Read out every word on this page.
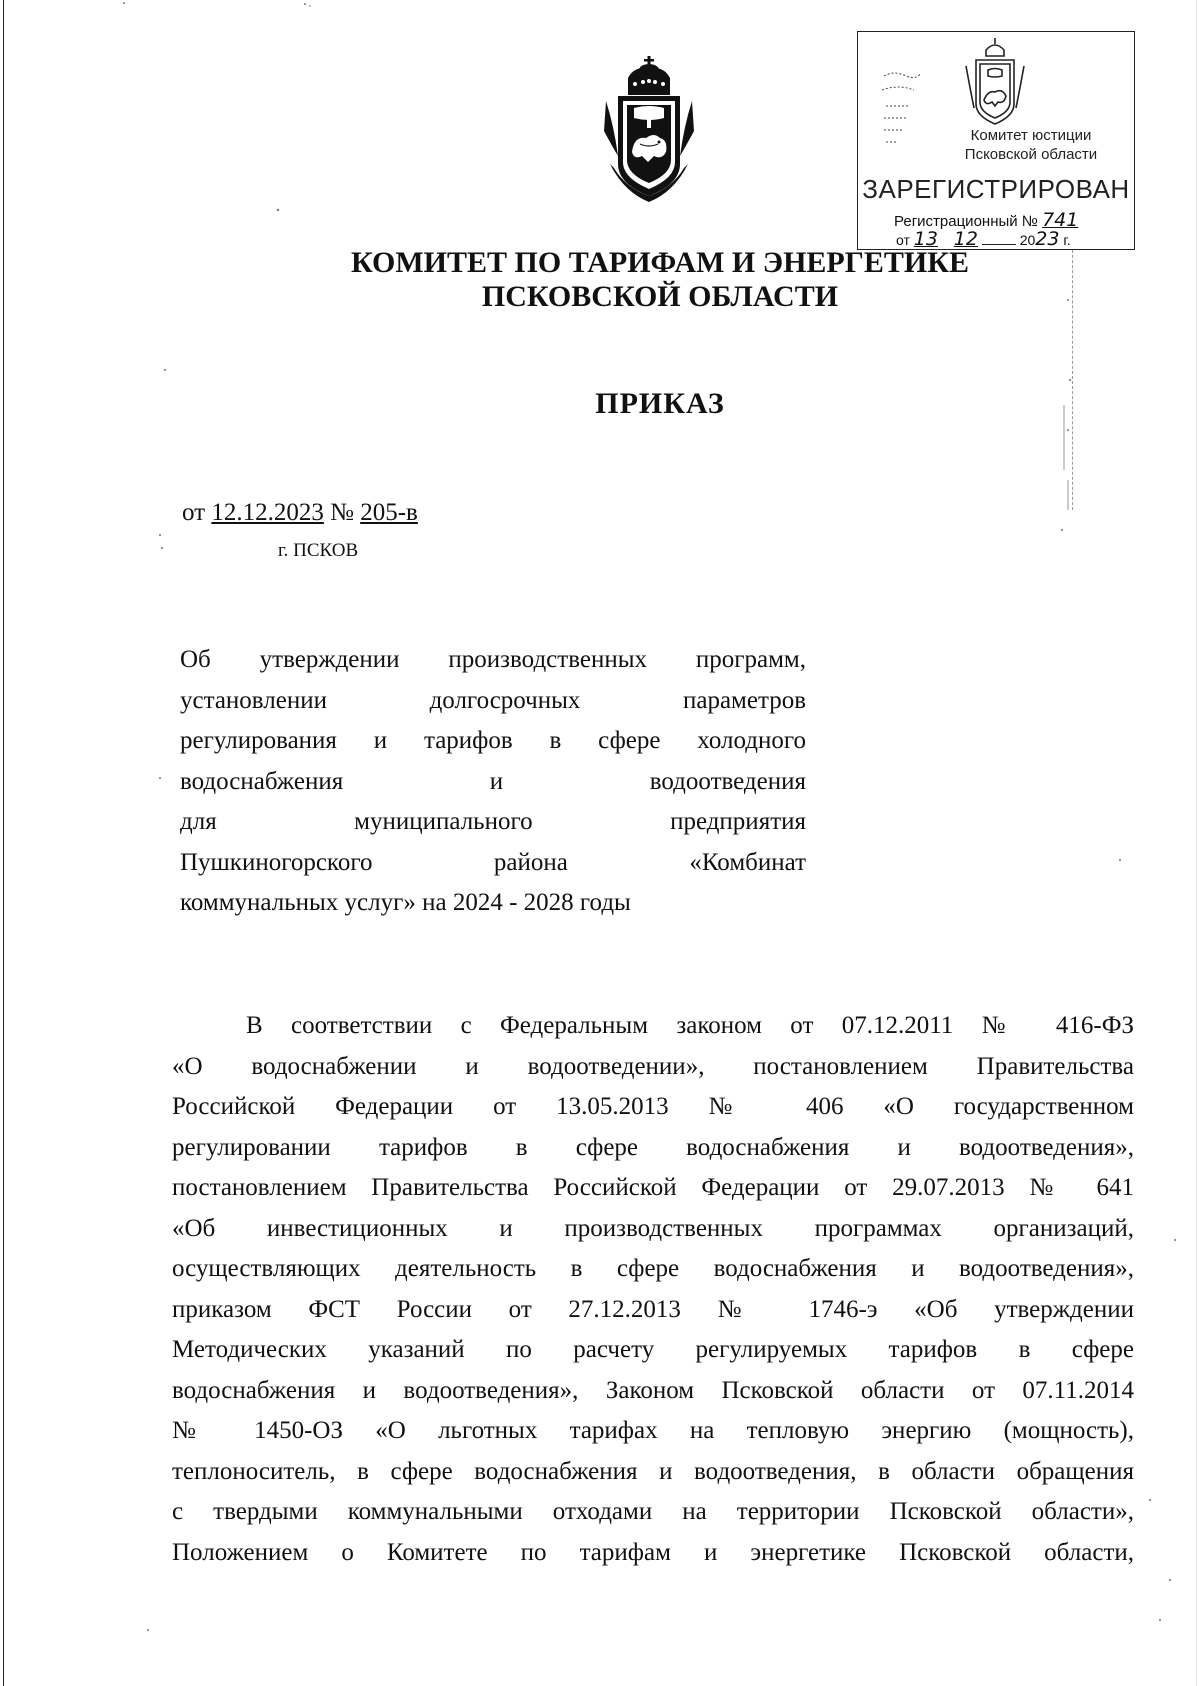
Комитет юстиции
Псковской области
ЗАРЕГИСТРИРОВАН
Регистрационный № 741
от 13 12	2023 г.
КОМИТЕТ ПО ТАРИФАМ И ЭНЕРГЕТИКЕ
ПСКОВСКОЙ ОБЛАСТИ
ПРИКАЗ
от 12.12.2023 № 205-в
г. ПСКОВ
Об утверждении производственных программ,
установлении долгосрочных параметров
регулирования и тарифов в сфере холодного
водоснабжения и водоотведения
для муниципального предприятия
Пушкиногорского района «Комбинат
коммунальных услуг» на 2024 - 2028 годы
В соответствии с Федеральным законом от 07.12.2011 № 416-ФЗ
«О водоснабжении и водоотведении», постановлением Правительства
Российской Федерации от 13.05.2013 № 406 «О государственном
регулировании тарифов в сфере водоснабжения и водоотведения»,
постановлением Правительства Российской Федерации от 29.07.2013 № 641
«Об инвестиционных и производственных программах организаций,
осуществляющих деятельность в сфере водоснабжения и водоотведения»,
приказом ФСТ России от 27.12.2013 № 1746-э «Об утверждении
Методических указаний по расчету регулируемых тарифов в сфере
водоснабжения и водоотведения», Законом Псковской области от 07.11.2014
№ 1450-ОЗ «О льготных тарифах на тепловую энергию (мощность),
теплоноситель, в сфере водоснабжения и водоотведения, в области обращения
с твердыми коммунальными отходами на территории Псковской области»,
Положением о Комитете по тарифам и энергетике Псковской области,
